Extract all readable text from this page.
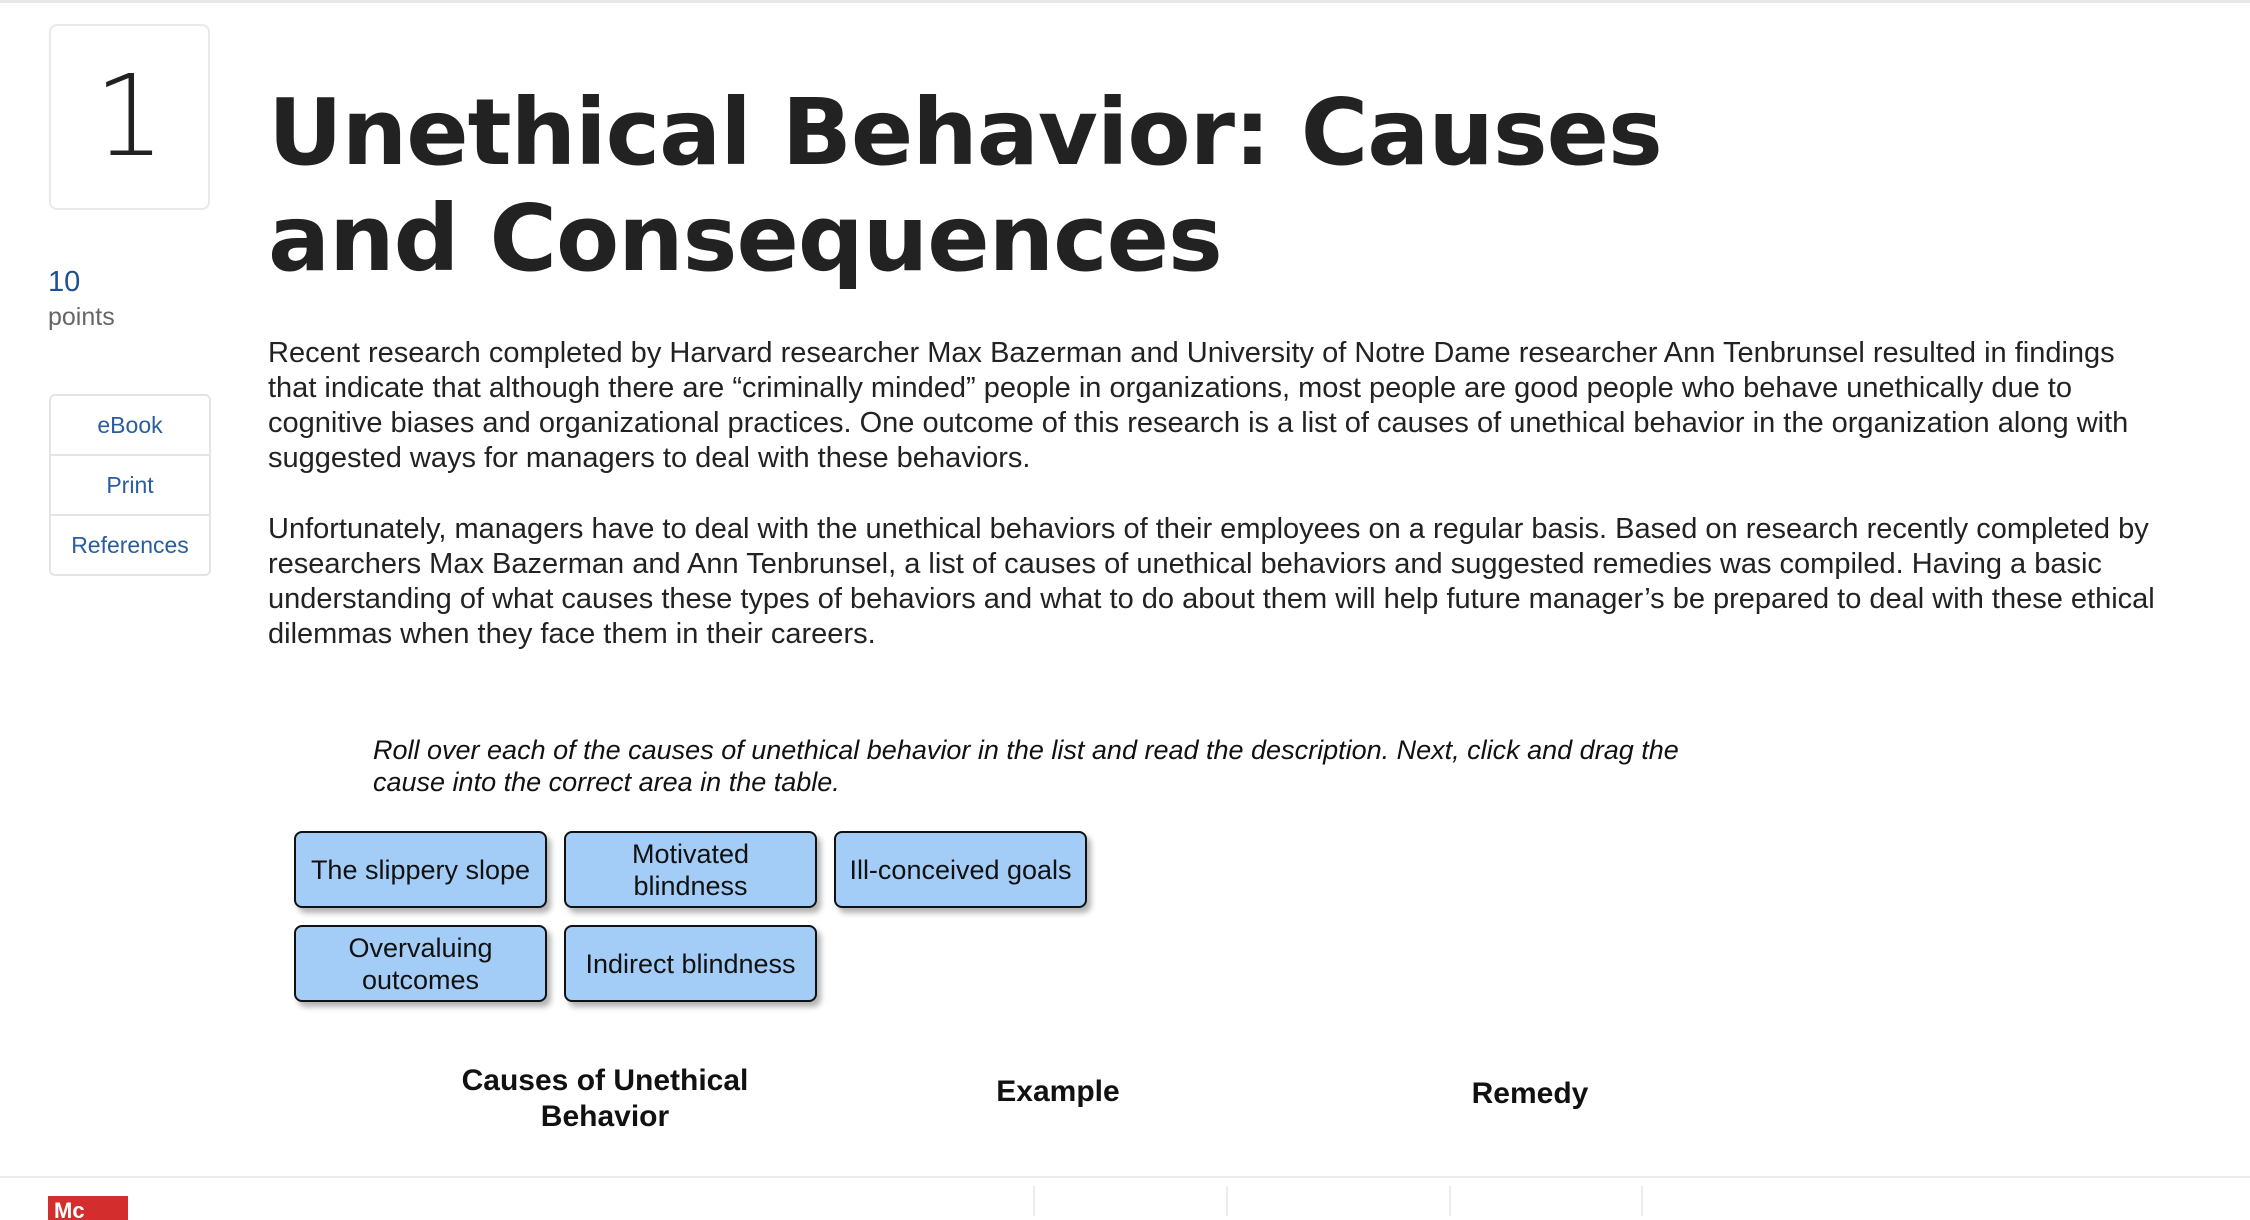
1
10
points
eBook
Print
References
Unethical Behavior: Causes and Consequences

Recent research completed by Harvard researcher Max Bazerman and University of Notre Dame researcher Ann Tenbrunsel resulted in findings that indicate that although there are “criminally minded” people in organizations, most people are good people who behave unethically due to cognitive biases and organizational practices. One outcome of this research is a list of causes of unethical behavior in the organization along with suggested ways for managers to deal with these behaviors.

Unfortunately, managers have to deal with the unethical behaviors of their employees on a regular basis. Based on research recently completed by researchers Max Bazerman and Ann Tenbrunsel, a list of causes of unethical behaviors and suggested remedies was compiled. Having a basic understanding of what causes these types of behaviors and what to do about them will help future manager’s be prepared to deal with these ethical dilemmas when they face them in their careers.

Roll over each of the causes of unethical behavior in the list and read the description. Next, click and drag the cause into the correct area in the table.

The slippery slope
Motivated blindness
Ill-conceived goals
Overvaluing outcomes
Indirect blindness
Causes of Unethical Behavior
Example	Remedy
Mc
